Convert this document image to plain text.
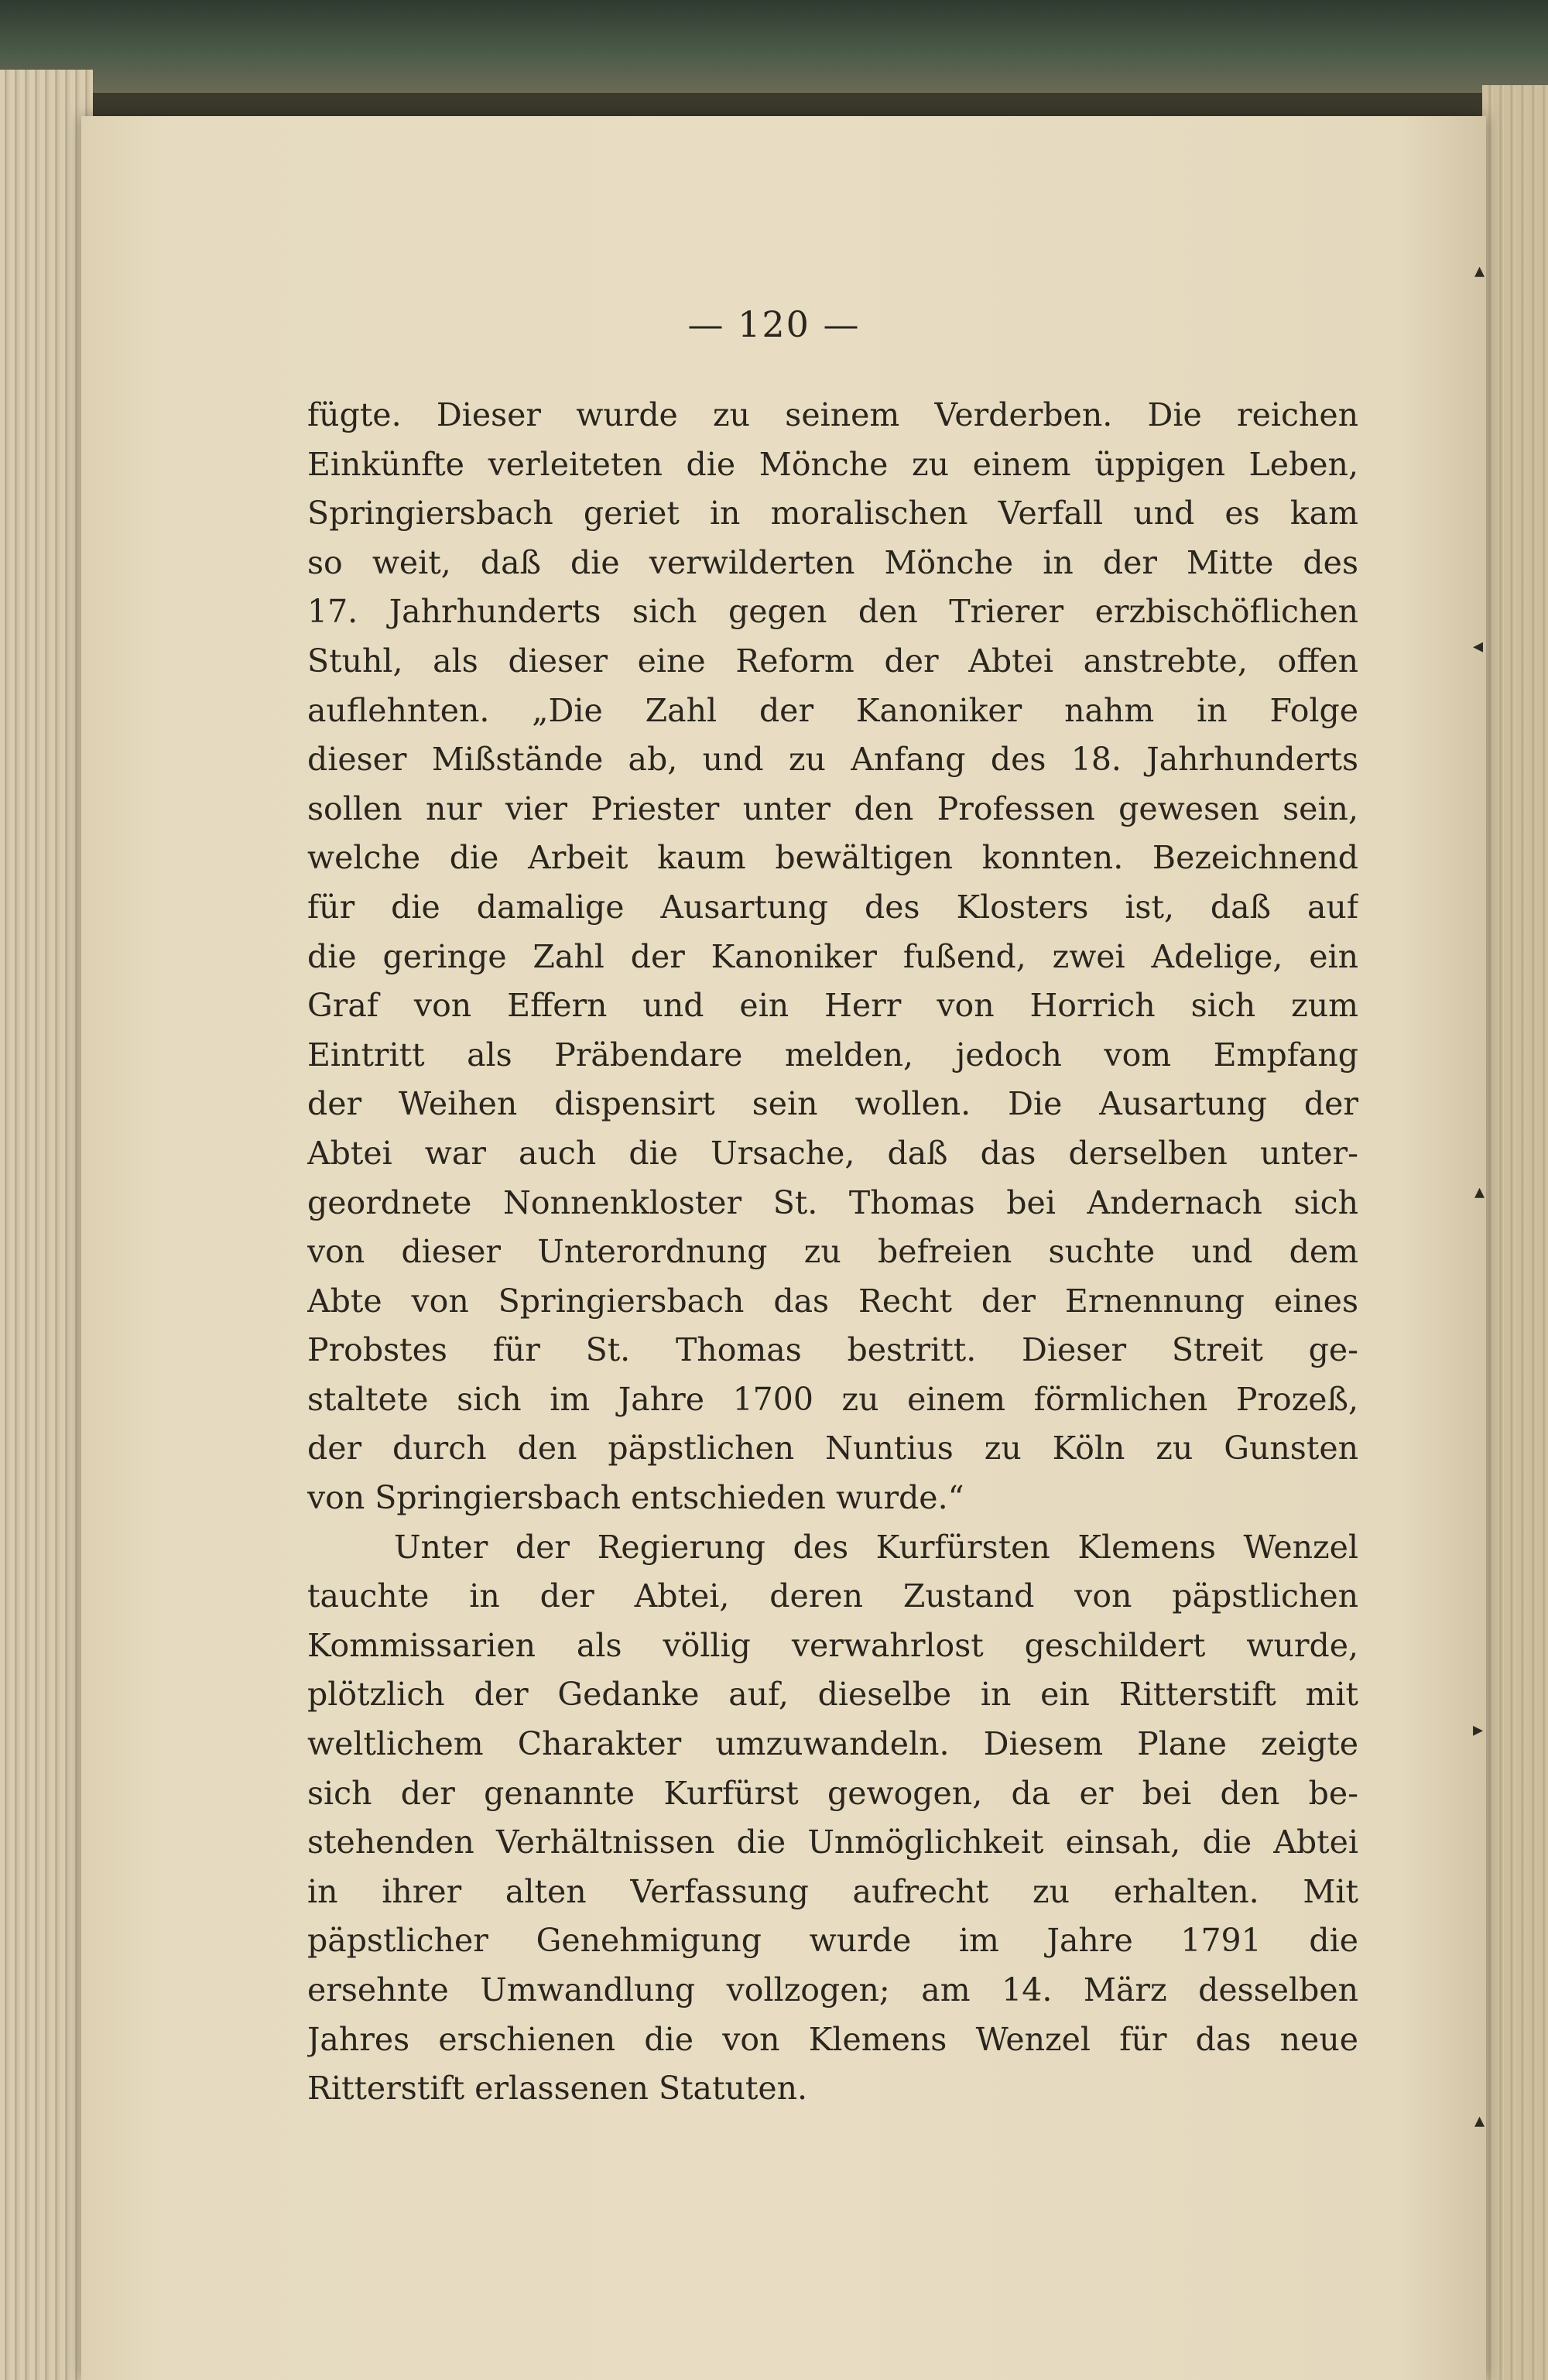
▴
◂
▴
▸
▴
— 120 —
fügte. Dieser wurde zu seinem Verderben. Die reichen
Einkünfte verleiteten die Mönche zu einem üppigen Leben,
Springiersbach geriet in moralischen Verfall und es kam
so weit, daß die verwilderten Mönche in der Mitte des
17. Jahrhunderts sich gegen den Trierer erzbischöflichen
Stuhl, als dieser eine Reform der Abtei anstrebte, offen
auflehnten. „Die Zahl der Kanoniker nahm in Folge
dieser Mißstände ab, und zu Anfang des 18. Jahrhunderts
sollen nur vier Priester unter den Professen gewesen sein,
welche die Arbeit kaum bewältigen konnten. Bezeichnend
für die damalige Ausartung des Klosters ist, daß auf
die geringe Zahl der Kanoniker fußend, zwei Adelige, ein
Graf von Effern und ein Herr von Horrich sich zum
Eintritt als Präbendare melden, jedoch vom Empfang
der Weihen dispensirt sein wollen. Die Ausartung der
Abtei war auch die Ursache, daß das derselben unter-
geordnete Nonnenkloster St. Thomas bei Andernach sich
von dieser Unterordnung zu befreien suchte und dem
Abte von Springiersbach das Recht der Ernennung eines
Probstes für St. Thomas bestritt. Dieser Streit ge-
staltete sich im Jahre 1700 zu einem förmlichen Prozeß,
der durch den päpstlichen Nuntius zu Köln zu Gunsten
von Springiersbach entschieden wurde.“
Unter der Regierung des Kurfürsten Klemens Wenzel
tauchte in der Abtei, deren Zustand von päpstlichen
Kommissarien als völlig verwahrlost geschildert wurde,
plötzlich der Gedanke auf, dieselbe in ein Ritterstift mit
weltlichem Charakter umzuwandeln. Diesem Plane zeigte
sich der genannte Kurfürst gewogen, da er bei den be-
stehenden Verhältnissen die Unmöglichkeit einsah, die Abtei
in ihrer alten Verfassung aufrecht zu erhalten. Mit
päpstlicher Genehmigung wurde im Jahre 1791 die
ersehnte Umwandlung vollzogen; am 14. März desselben
Jahres erschienen die von Klemens Wenzel für das neue
Ritterstift erlassenen Statuten.
